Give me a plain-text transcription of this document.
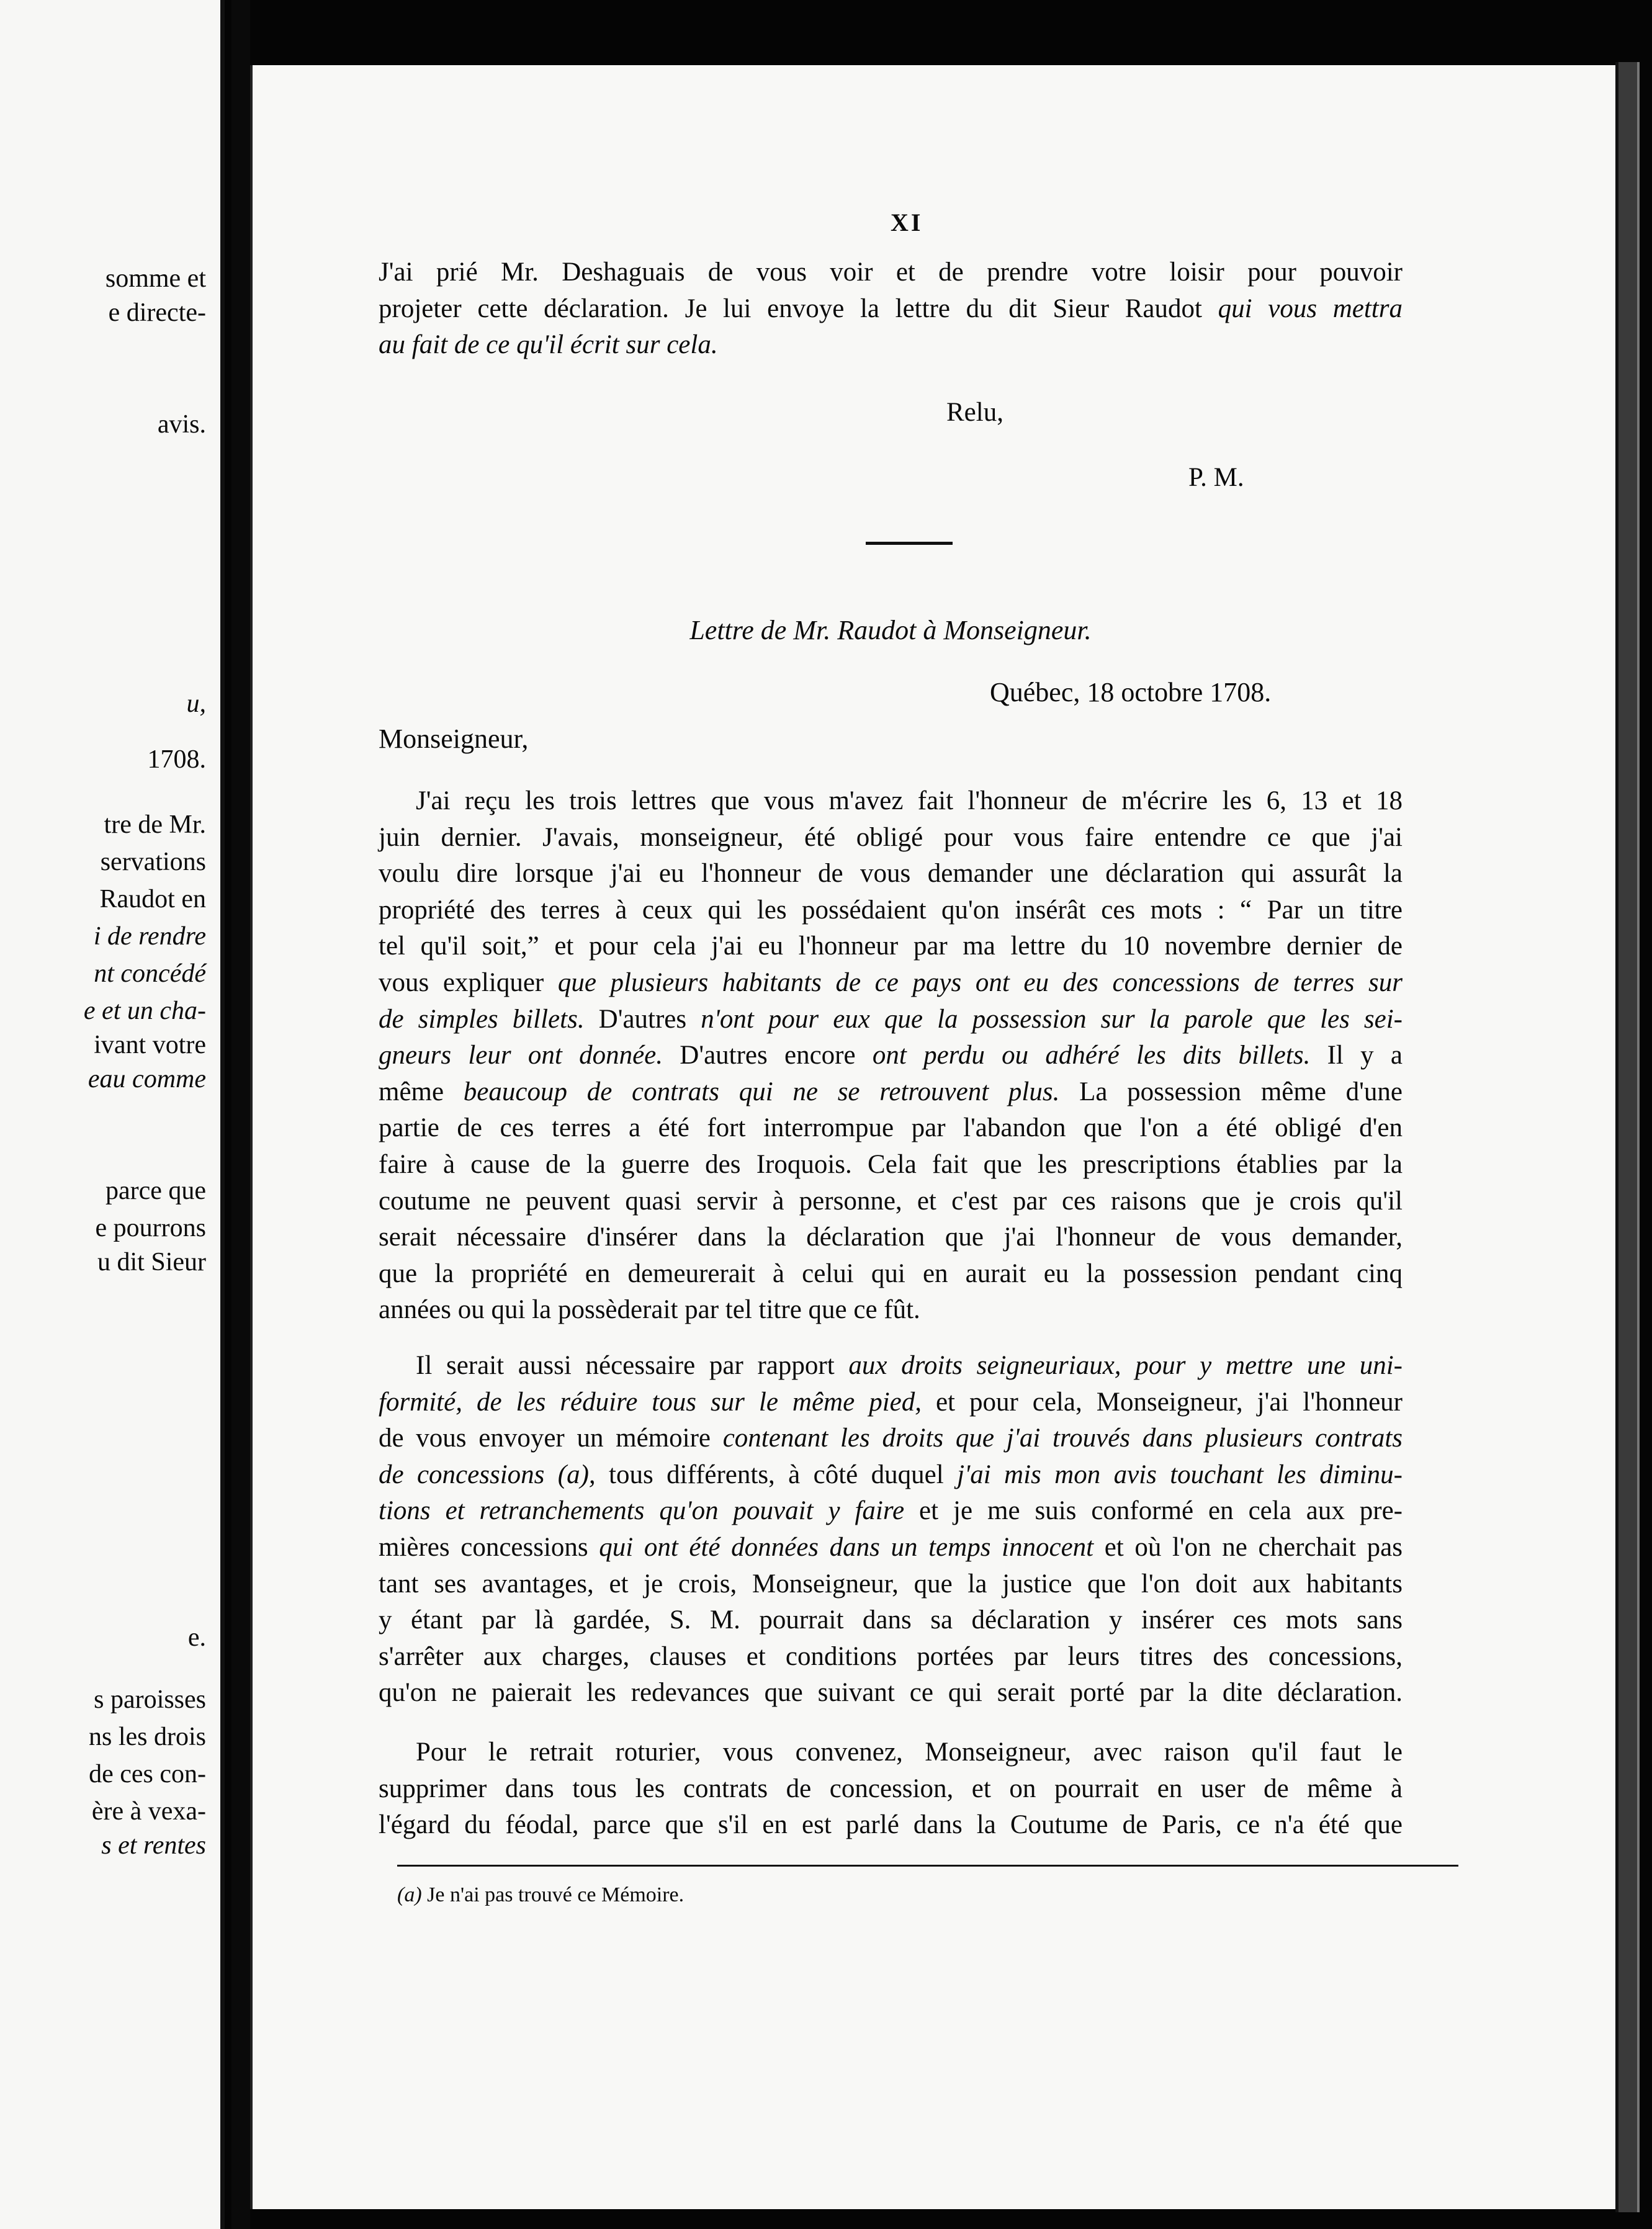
somme et
e directe-
avis.
u,
1708.
tre de Mr.
servations
Raudot en
i de rendre
nt concédé
e et un cha-
ivant votre
eau comme
parce que
e pourrons
u dit Sieur
e.
s paroisses
ns les drois
de ces con-
ère à vexa-
s et rentes
XI
J'ai prié Mr. Deshaguais de vous voir et de prendre votre loisir pour pouvoir
projeter cette déclaration. Je lui envoye la lettre du dit Sieur Raudot qui vous mettra
au fait de ce qu'il écrit sur cela.
Relu,
P. M.
Lettre de Mr. Raudot à Monseigneur.
Québec, 18 octobre 1708.
Monseigneur,
J'ai reçu les trois lettres que vous m'avez fait l'honneur de m'écrire les 6, 13 et 18
juin dernier. J'avais, monseigneur, été obligé pour vous faire entendre ce que j'ai
voulu dire lorsque j'ai eu l'honneur de vous demander une déclaration qui assurât la
propriété des terres à ceux qui les possédaient qu'on insérât ces mots : “ Par un titre
tel qu'il soit,” et pour cela j'ai eu l'honneur par ma lettre du 10 novembre dernier de
vous expliquer que plusieurs habitants de ce pays ont eu des concessions de terres sur
de simples billets. D'autres n'ont pour eux que la possession sur la parole que les sei-
gneurs leur ont donnée. D'autres encore ont perdu ou adhéré les dits billets. Il y a
même beaucoup de contrats qui ne se retrouvent plus. La possession même d'une
partie de ces terres a été fort interrompue par l'abandon que l'on a été obligé d'en
faire à cause de la guerre des Iroquois. Cela fait que les prescriptions établies par la
coutume ne peuvent quasi servir à personne, et c'est par ces raisons que je crois qu'il
serait nécessaire d'insérer dans la déclaration que j'ai l'honneur de vous demander,
que la propriété en demeurerait à celui qui en aurait eu la possession pendant cinq
années ou qui la possèderait par tel titre que ce fût.
Il serait aussi nécessaire par rapport aux droits seigneuriaux, pour y mettre une uni-
formité, de les réduire tous sur le même pied, et pour cela, Monseigneur, j'ai l'honneur
de vous envoyer un mémoire contenant les droits que j'ai trouvés dans plusieurs contrats
de concessions (a), tous différents, à côté duquel j'ai mis mon avis touchant les diminu-
tions et retranchements qu'on pouvait y faire et je me suis conformé en cela aux pre-
mières concessions qui ont été données dans un temps innocent et où l'on ne cherchait pas
tant ses avantages, et je crois, Monseigneur, que la justice que l'on doit aux habitants
y étant par là gardée, S. M. pourrait dans sa déclaration y insérer ces mots sans
s'arrêter aux charges, clauses et conditions portées par leurs titres des concessions,
qu'on ne paierait les redevances que suivant ce qui serait porté par la dite déclaration.
Pour le retrait roturier, vous convenez, Monseigneur, avec raison qu'il faut le
supprimer dans tous les contrats de concession, et on pourrait en user de même à
l'égard du féodal, parce que s'il en est parlé dans la Coutume de Paris, ce n'a été que
(a) Je n'ai pas trouvé ce Mémoire.
